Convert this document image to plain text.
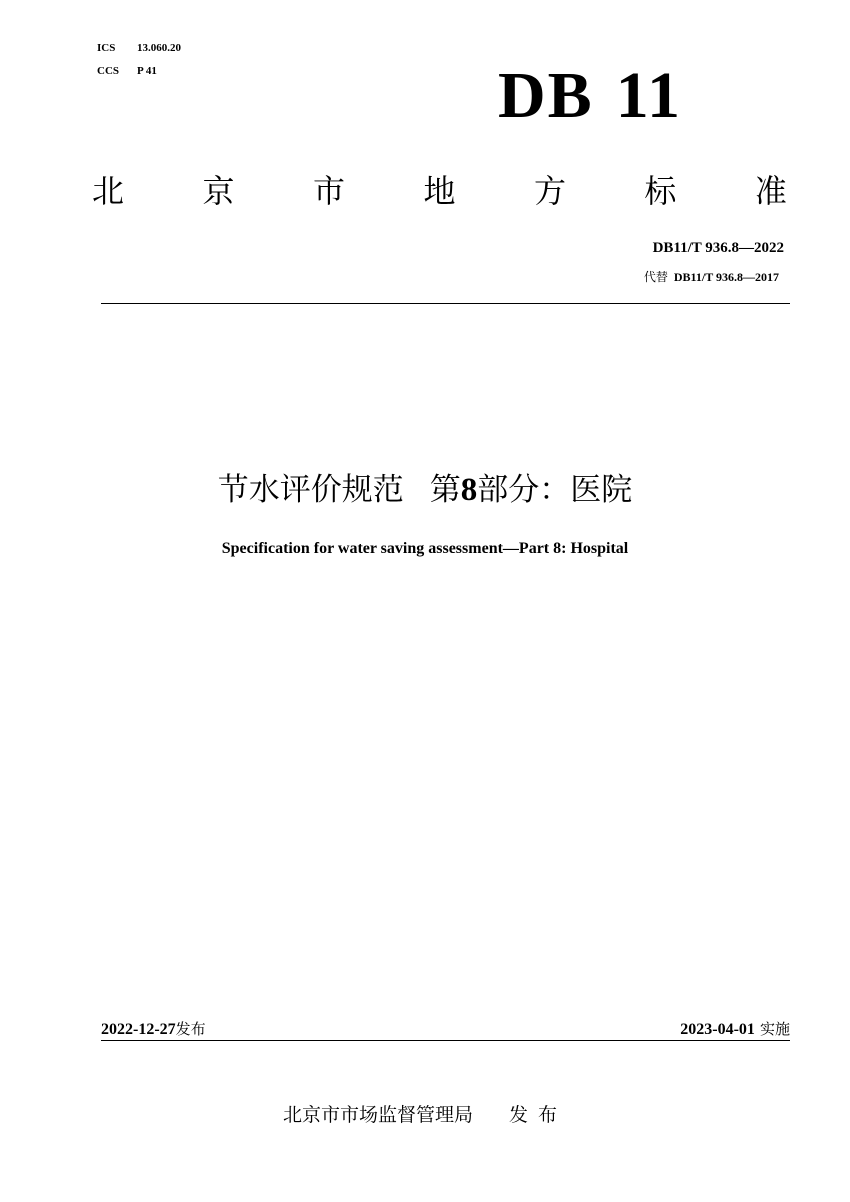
ICS 13.060.20
CCS P 41	DB 11
北 京 市 地 方 标 准
DB11/T 936.8—2022
代替 DB11/T 936.8—2017
节水评价规范 第8部分：医院
Specification for water saving assessment—Part 8: Hospital
2022-12-27发布	2023-04-01 实施
北京市市场监督管理局 发布
